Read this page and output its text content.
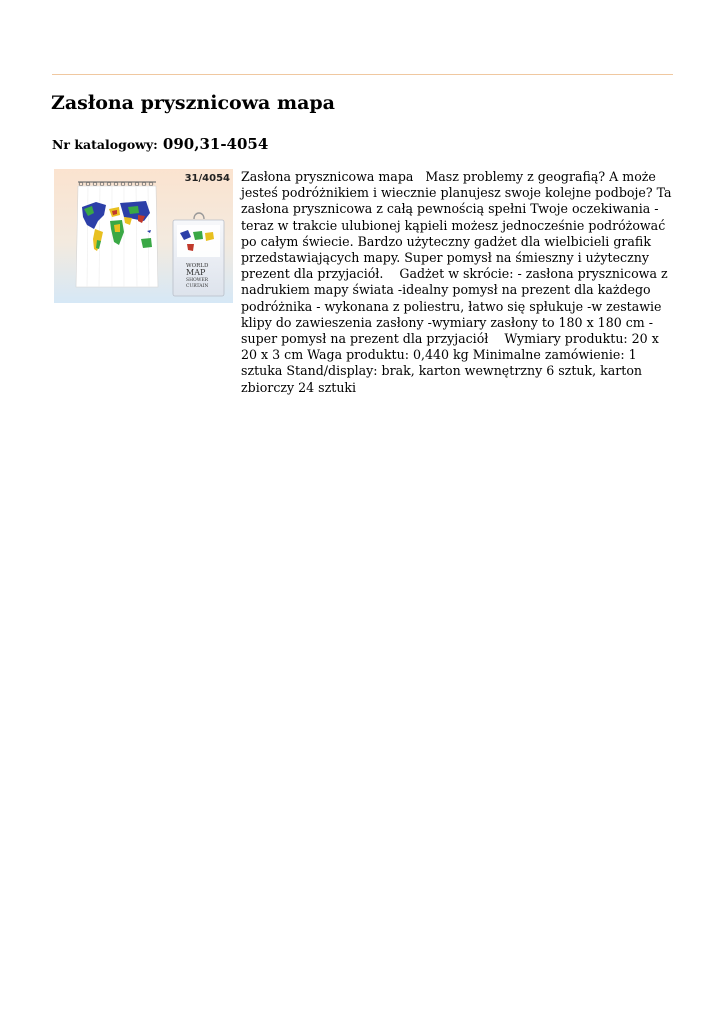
Zasłona prysznicowa mapa
Nr katalogowy: 090,31-4054
31/4054
WORLD
MAP
SHOWER
CURTAIN

Zasłona prysznicowa mapa   Masz problemy z geografią? A może jesteś podróżnikiem i wiecznie planujesz swoje kolejne podboje? Ta zasłona prysznicowa z całą pewnością spełni Twoje oczekiwania - teraz w trakcie ulubionej kąpieli możesz jednocześnie podróżować po całym świecie. Bardzo użyteczny gadżet dla wielbicieli grafik przedstawiających mapy. Super pomysł na śmieszny i użyteczny prezent dla przyjaciół.    Gadżet w skrócie: - zasłona prysznicowa z nadrukiem mapy świata -idealny pomysł na prezent dla każdego podróżnika - wykonana z poliestru, łatwo się spłukuje -w zestawie klipy do zawieszenia zasłony -wymiary zasłony to 180 x 180 cm - super pomysł na prezent dla przyjaciół    Wymiary produktu: 20 x 20 x 3 cm Waga produktu: 0,440 kg Minimalne zamówienie: 1 sztuka Stand/display: brak, karton wewnętrzny 6 sztuk, karton zbiorczy 24 sztuki
